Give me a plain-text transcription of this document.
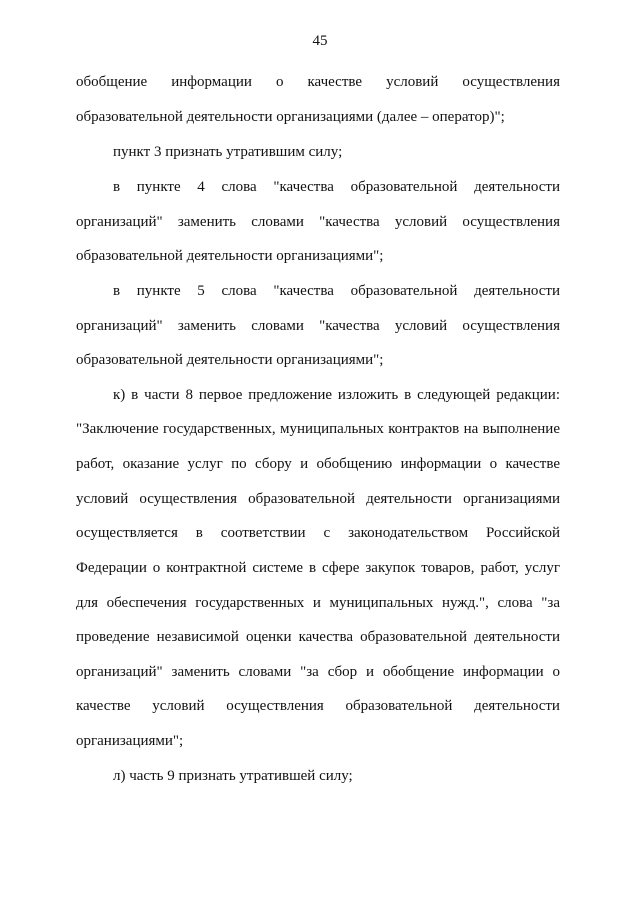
45
обобщение информации о качестве условий осуществления
образовательной деятельности организациями (далее – оператор)";
пункт 3 признать утратившим силу;
в пункте 4 слова "качества образовательной деятельности
организаций" заменить словами "качества условий осуществления
образовательной деятельности организациями";
в пункте 5 слова "качества образовательной деятельности
организаций" заменить словами "качества условий осуществления
образовательной деятельности организациями";
к) в части 8 первое предложение изложить в следующей редакции:
"Заключение государственных, муниципальных контрактов на выполнение
работ, оказание услуг по сбору и обобщению информации о качестве
условий осуществления образовательной деятельности организациями
осуществляется в соответствии с законодательством Российской
Федерации о контрактной системе в сфере закупок товаров, работ, услуг
для обеспечения государственных и муниципальных нужд.", слова "за
проведение независимой оценки качества образовательной деятельности
организаций" заменить словами "за сбор и обобщение информации о
качестве условий осуществления образовательной деятельности
организациями";
л) часть 9 признать утратившей силу;
